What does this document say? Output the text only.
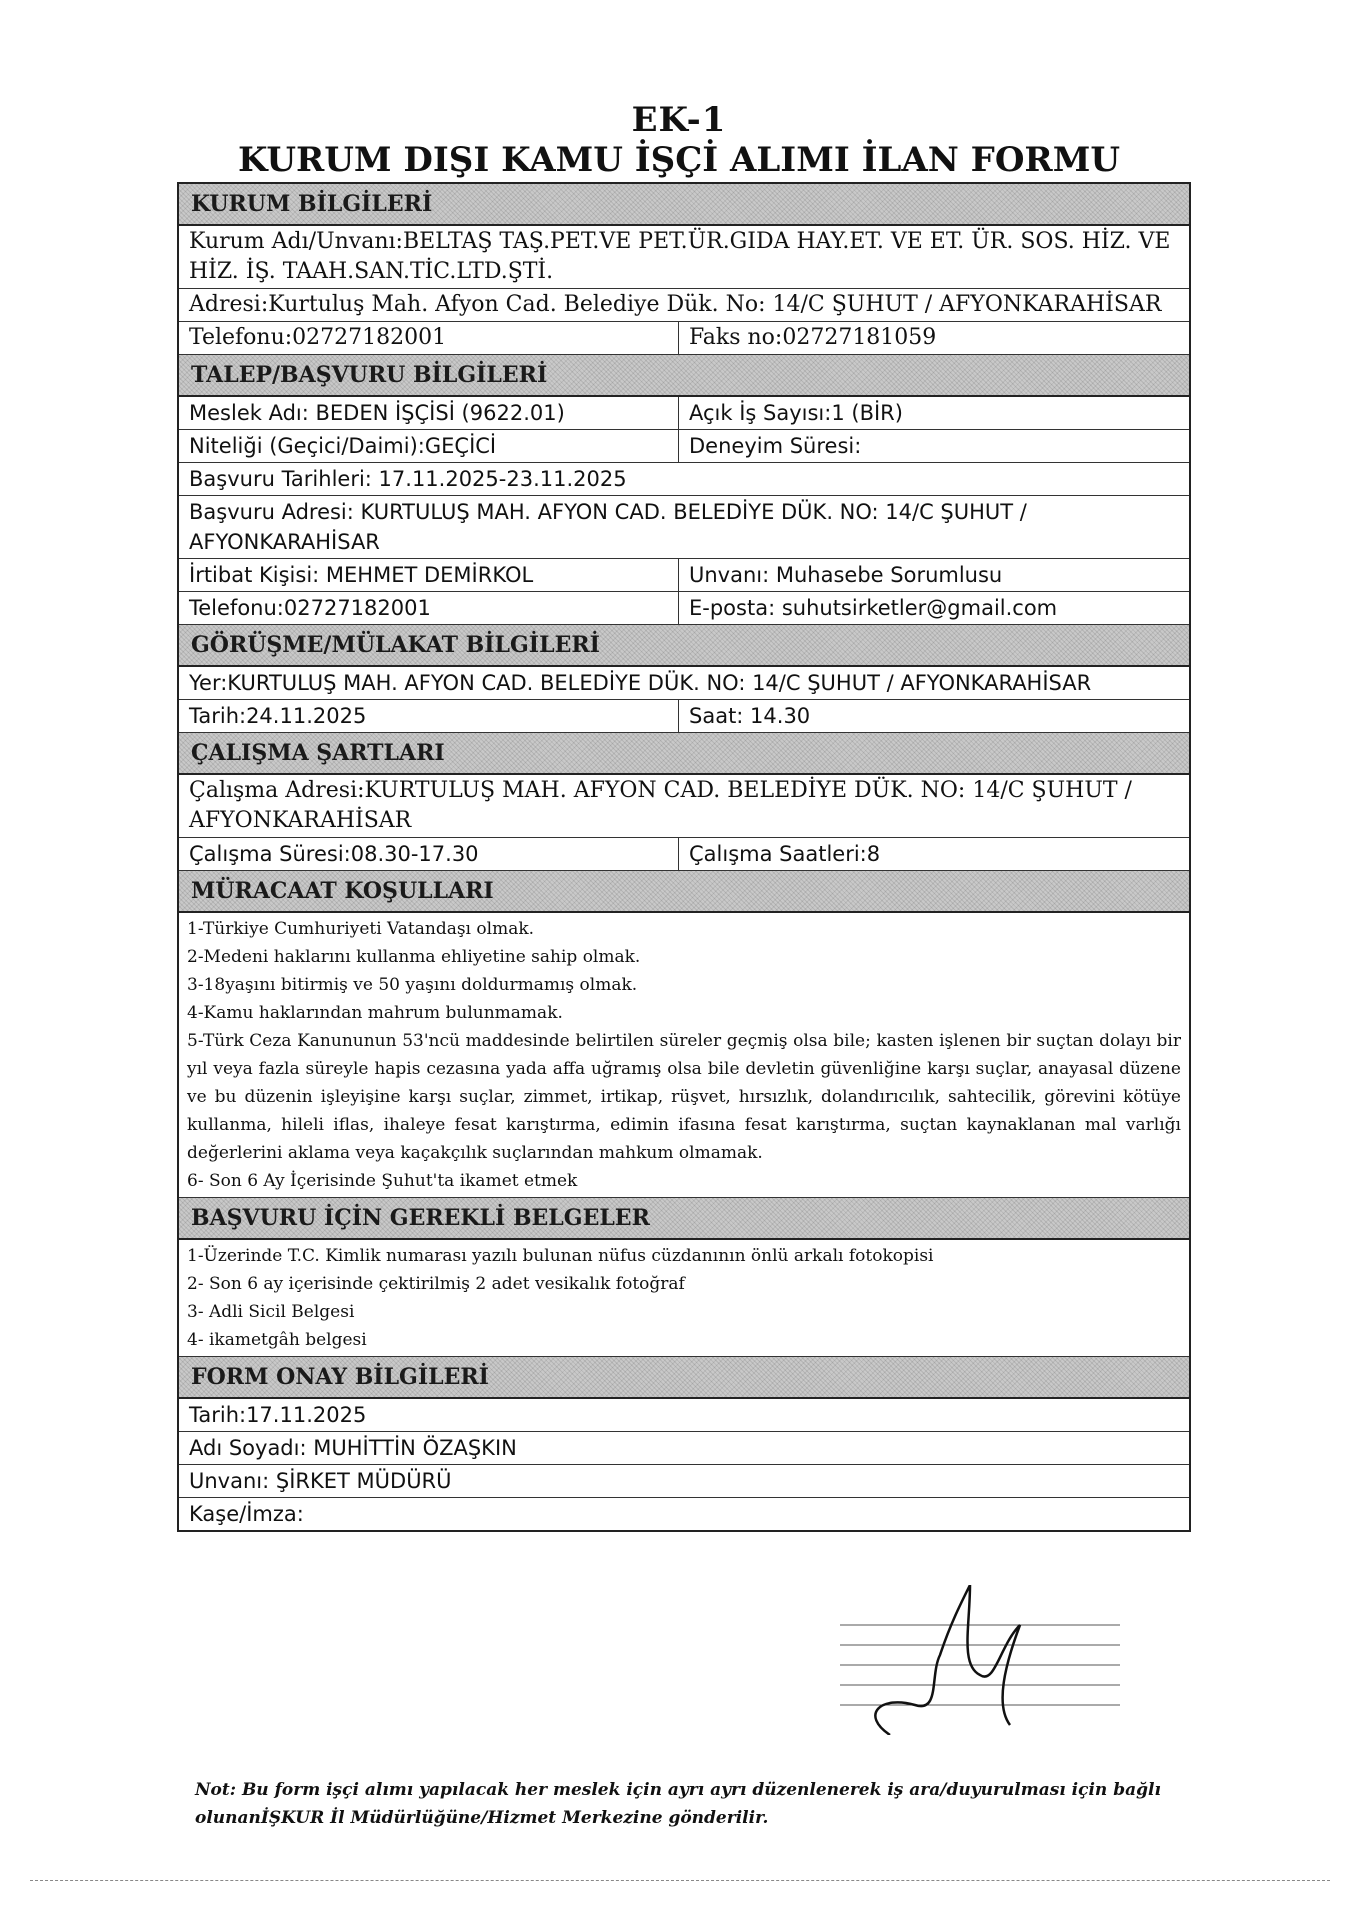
EK-1
KURUM DIŞI KAMU İŞÇİ ALIMI İLAN FORMU
KURUM BİLGİLERİ
Kurum Adı/Unvanı:BELTAŞ TAŞ.PET.VE PET.ÜR.GIDA HAY.ET. VE ET. ÜR. SOS. HİZ. VE HİZ. İŞ. TAAH.SAN.TİC.LTD.ŞTİ.
Adresi:Kurtuluş Mah. Afyon Cad. Belediye Dük. No: 14/C ŞUHUT / AFYONKARAHİSAR
Telefonu:02727182001	Faks no:02727181059
TALEP/BAŞVURU BİLGİLERİ
Meslek Adı: BEDEN İŞÇİSİ (9622.01)	Açık İş Sayısı:1 (BİR)
Niteliği (Geçici/Daimi):GEÇİCİ	Deneyim Süresi:
Başvuru Tarihleri: 17.11.2025-23.11.2025
Başvuru Adresi: KURTULUŞ MAH. AFYON CAD. BELEDİYE DÜK. NO: 14/C ŞUHUT / AFYONKARAHİSAR
İrtibat Kişisi: MEHMET DEMİRKOL	Unvanı: Muhasebe Sorumlusu
Telefonu:02727182001	E-posta: suhutsirketler@gmail.com
GÖRÜŞME/MÜLAKAT BİLGİLERİ
Yer:KURTULUŞ MAH. AFYON CAD. BELEDİYE DÜK. NO: 14/C ŞUHUT / AFYONKARAHİSAR
Tarih:24.11.2025	Saat: 14.30
ÇALIŞMA ŞARTLARI
Çalışma Adresi:KURTULUŞ MAH. AFYON CAD. BELEDİYE DÜK. NO: 14/C ŞUHUT / AFYONKARAHİSAR
Çalışma Süresi:08.30-17.30	Çalışma Saatleri:8
MÜRACAAT KOŞULLARI
1-Türkiye Cumhuriyeti Vatandaşı olmak.
2-Medeni haklarını kullanma ehliyetine sahip olmak.
3-18yaşını bitirmiş ve 50 yaşını doldurmamış olmak.
4-Kamu haklarından mahrum bulunmamak.
5-Türk Ceza Kanununun 53'ncü maddesinde belirtilen süreler geçmiş olsa bile; kasten işlenen bir suçtan dolayı bir yıl veya fazla süreyle hapis cezasına yada affa uğramış olsa bile devletin güvenliğine karşı suçlar, anayasal düzene ve bu düzenin işleyişine karşı suçlar, zimmet, irtikap, rüşvet, hırsızlık, dolandırıcılık, sahtecilik, görevini kötüye kullanma, hileli iflas, ihaleye fesat karıştırma, edimin ifasına fesat karıştırma, suçtan kaynaklanan mal varlığı değerlerini aklama veya kaçakçılık suçlarından mahkum olmamak.
6- Son 6 Ay İçerisinde Şuhut'ta ikamet etmek
BAŞVURU İÇİN GEREKLİ BELGELER
1-Üzerinde T.C. Kimlik numarası yazılı bulunan nüfus cüzdanının önlü arkalı fotokopisi
2- Son 6 ay içerisinde çektirilmiş 2 adet vesikalık fotoğraf
3- Adli Sicil Belgesi
4- ikametgâh belgesi
FORM ONAY BİLGİLERİ
Tarih:17.11.2025
Adı Soyadı: MUHİTTİN ÖZAŞKIN
Unvanı: ŞİRKET MÜDÜRÜ
Kaşe/İmza:
Not: Bu form işçi alımı yapılacak her meslek için ayrı ayrı düzenlenerek iş ara/duyurulması için bağlı olunanİŞKUR İl Müdürlüğüne/Hizmet Merkezine gönderilir.
